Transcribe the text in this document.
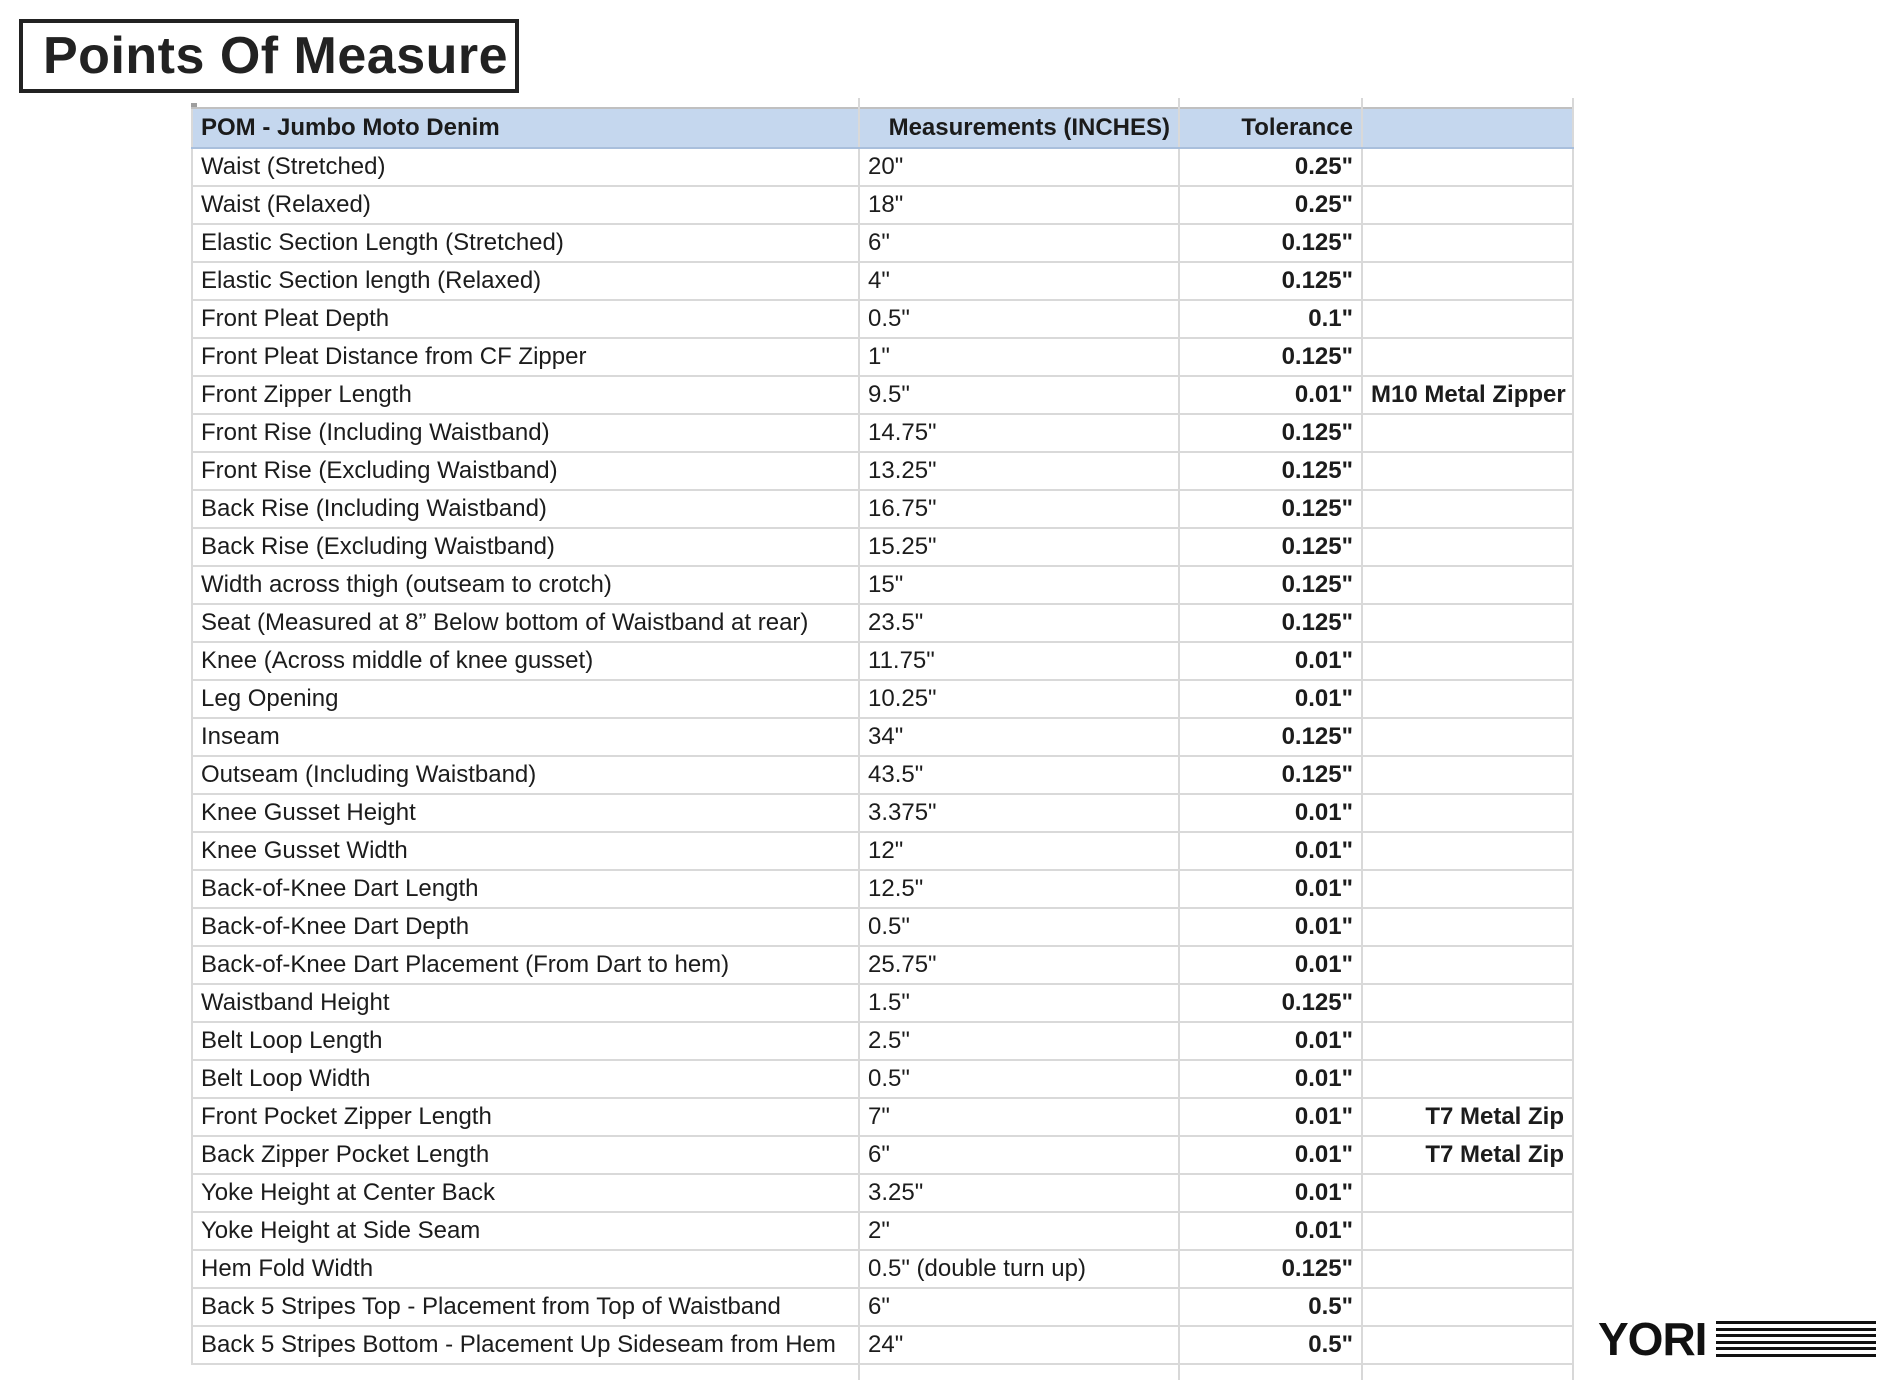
Points Of Measure
POM - Jumbo Moto Denim	Measurements (INCHES)	Tolerance	
Waist (Stretched)	20"	0.25"	
Waist (Relaxed)	18"	0.25"	
Elastic Section Length (Stretched)	6"	0.125"	
Elastic Section length (Relaxed)	4"	0.125"	
Front Pleat Depth	0.5"	0.1"	
Front Pleat Distance from CF Zipper	1"	0.125"	
Front Zipper Length	9.5"	0.01"	M10 Metal Zipper
Front Rise (Including Waistband)	14.75"	0.125"	
Front Rise (Excluding Waistband)	13.25"	0.125"	
Back Rise (Including Waistband)	16.75"	0.125"	
Back Rise (Excluding Waistband)	15.25"	0.125"	
Width across thigh (outseam to crotch)	15"	0.125"	
Seat (Measured at 8” Below bottom of Waistband at rear)	23.5"	0.125"	
Knee (Across middle of knee gusset)	11.75"	0.01"	
Leg Opening	10.25"	0.01"	
Inseam	34"	0.125"	
Outseam (Including Waistband)	43.5"	0.125"	
Knee Gusset Height	3.375"	0.01"	
Knee Gusset Width	12"	0.01"	
Back-of-Knee Dart Length	12.5"	0.01"	
Back-of-Knee Dart Depth	0.5"	0.01"	
Back-of-Knee Dart Placement (From Dart to hem)	25.75"	0.01"	
Waistband Height	1.5"	0.125"	
Belt Loop Length	2.5"	0.01"	
Belt Loop Width	0.5"	0.01"	
Front Pocket Zipper Length	7"	0.01"	T7 Metal Zip
Back Zipper Pocket Length	6"	0.01"	T7 Metal Zip
Yoke Height at Center Back	3.25"	0.01"	
Yoke Height at Side Seam	2"	0.01"	
Hem Fold Width	0.5" (double turn up)	0.125"	
Back 5 Stripes Top - Placement from Top of Waistband	6"	0.5"	
Back 5 Stripes Bottom - Placement Up Sideseam from Hem	24"	0.5"		YORI
